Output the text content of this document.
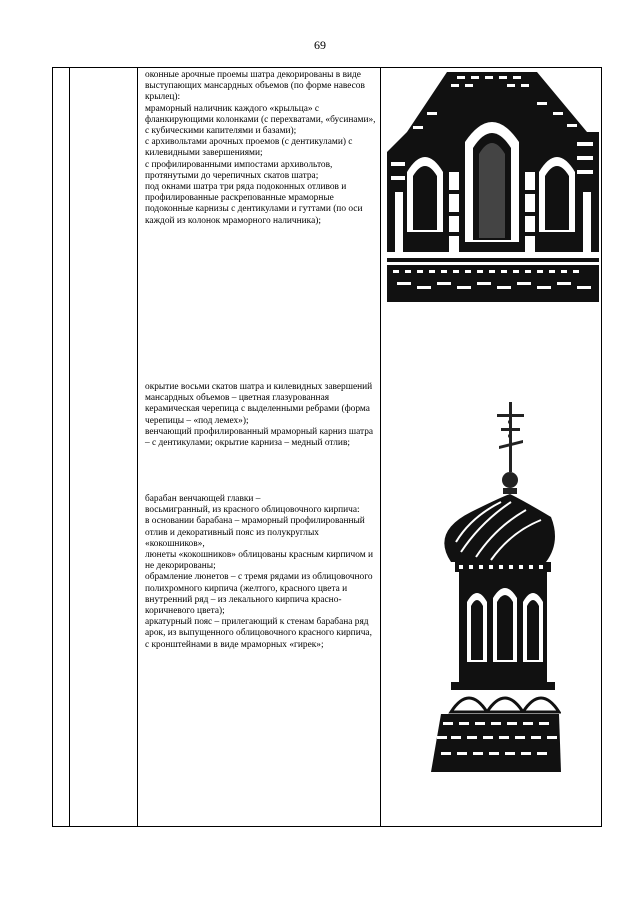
69
оконные арочные проемы шатра декорированы в виде выступающих мансардных объемов (по форме навесов крылец):
мраморный наличник каждого «крыльца» с фланкирующими колонками (с перехватами, «бусинами», с кубическими капителями и базами);
с архивольтами арочных проемов (с дентикулами) с килевидными завершениями;
с профилированными импостами архивольтов, протянутыми до черепичных скатов шатра;
под окнами шатра три ряда подоконных отливов и профилированные раскрепованные мраморные подоконные карнизы с дентикулами и гуттами (по оси каждой из колонок мраморного наличника);
окрытие восьми скатов шатра и килевидных завершений мансардных объемов – цветная глазурованная керамическая черепица с выделенными ребрами (форма черепицы – «под лемех»);
венчающий профилированный мраморный карниз шатра – с дентикулами; окрытие карниза – медный отлив;
барабан венчающей главки –
восьмигранный, из красного облицовочного кирпича:
в основании барабана – мраморный профилированный отлив и декоративный пояс из полукруглых «кокошников»,
люнеты «кокошников» облицованы красным кирпичом и не декорированы;
обрамление люнетов – с тремя рядами из облицовочного полихромного кирпича (желтого, красного цвета и внутренний ряд – из лекального кирпича красно-коричневого цвета);
аркатурный пояс – прилегающий к стенам барабана ряд арок, из выпущенного облицовочного красного кирпича, с кронштейнами в виде мраморных «гирек»;
